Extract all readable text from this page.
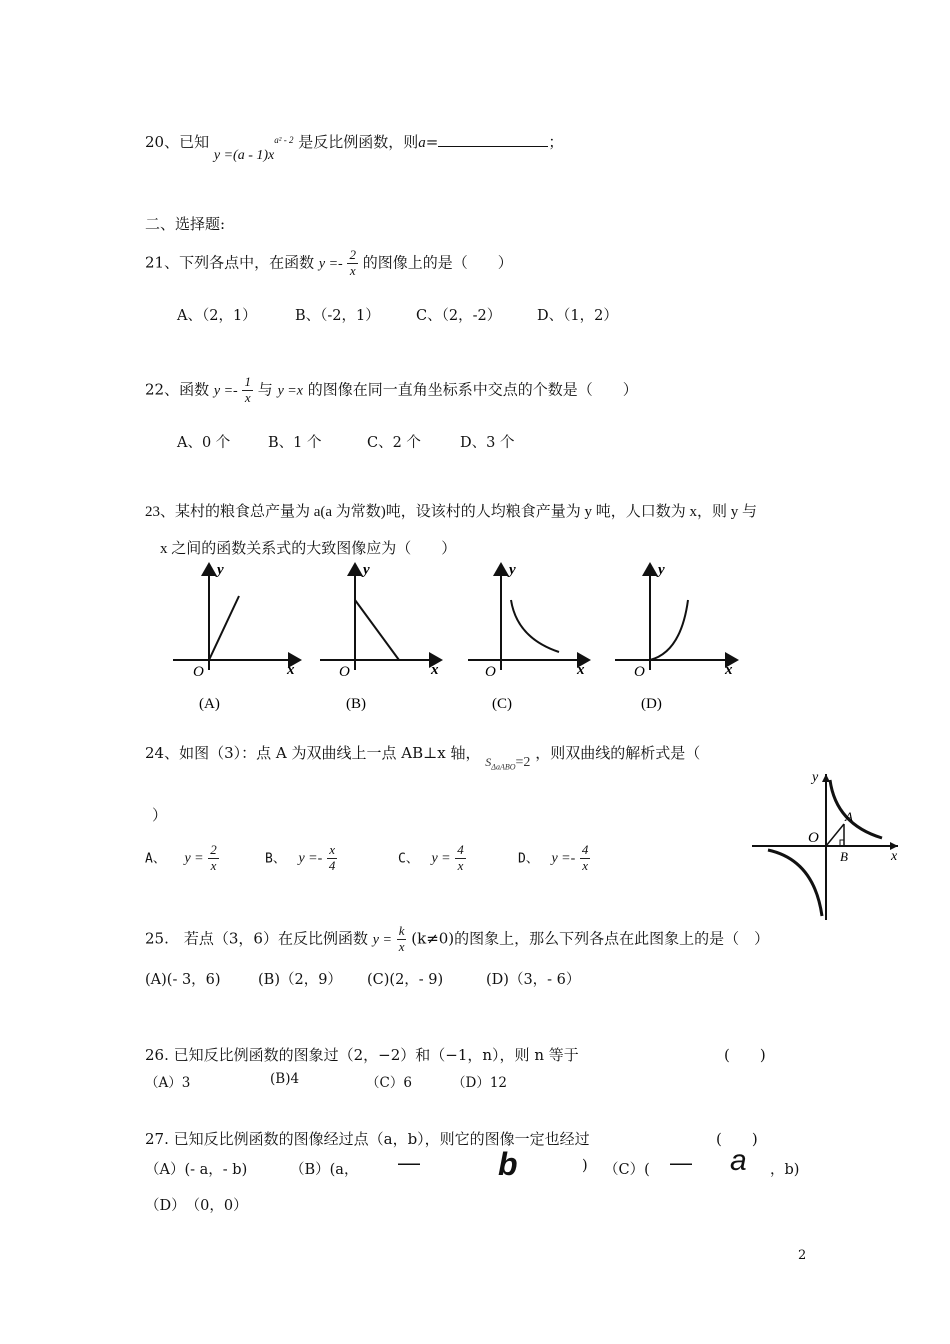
20、已知 $y =(a - 1)x^{a^2 - 2}$ 是反比例函数，则a=	；
二、选择题:
21、下列各点中，在函数 $y =- \frac{2}{x}$ 的图像上的是（　　）
A、（2，1）	B、（-2，1） C、（2，-2） D、（1，2）
22、函数 $y =- \frac{1}{x}$ 与 y =x 的图像在同一直角坐标系中交点的个数是（　　）
A、0 个	B、1 个	C、2 个	D、3 个
23、某村的粮食总产量为 a(a 为常数)吨，设该村的人均粮食产量为 y 吨，人口数为 x，则 y 与
x 之间的函数关系式的大致图像应为（　　）
y
x
O
(A)
y
x
O
(B)
y
x
O
(C)
y
x
O
(D)
24、如图（3）：点 A 为双曲线上一点 AB⊥x 轴， $_{S_{\Delta aABO}=2}$ ，则双曲线的解析式是（
）
A、 $y = \frac{2}{x}$	B、 $y =- \frac{x}{4}$	C、 $y = \frac{4}{x}$	D、 $y =- \frac{4}{x}$
y
x
O
A
B
25.　若点（3，6）在反比例函数 $y = \frac{k}{x} (k\ne 0)$的图象上，那么下列各点在此图象上的是（　）
(A)(- 3，6)	(B)（2，9） (C)(2，- 9)	(D)（3，- 6）
26. 已知反比例函数的图象过（2，−2）和（−1，n），则 n 等于	(　　)
（A）3	(B)4	（C）6	（D）12
27. 已知反比例函数的图像经过点（a，b），则它的图像一定也经过	(　　)
（A）(- a，- b)	（B）(a， — b	) （C）( — a ，b)
（D）　（0，0）
2
